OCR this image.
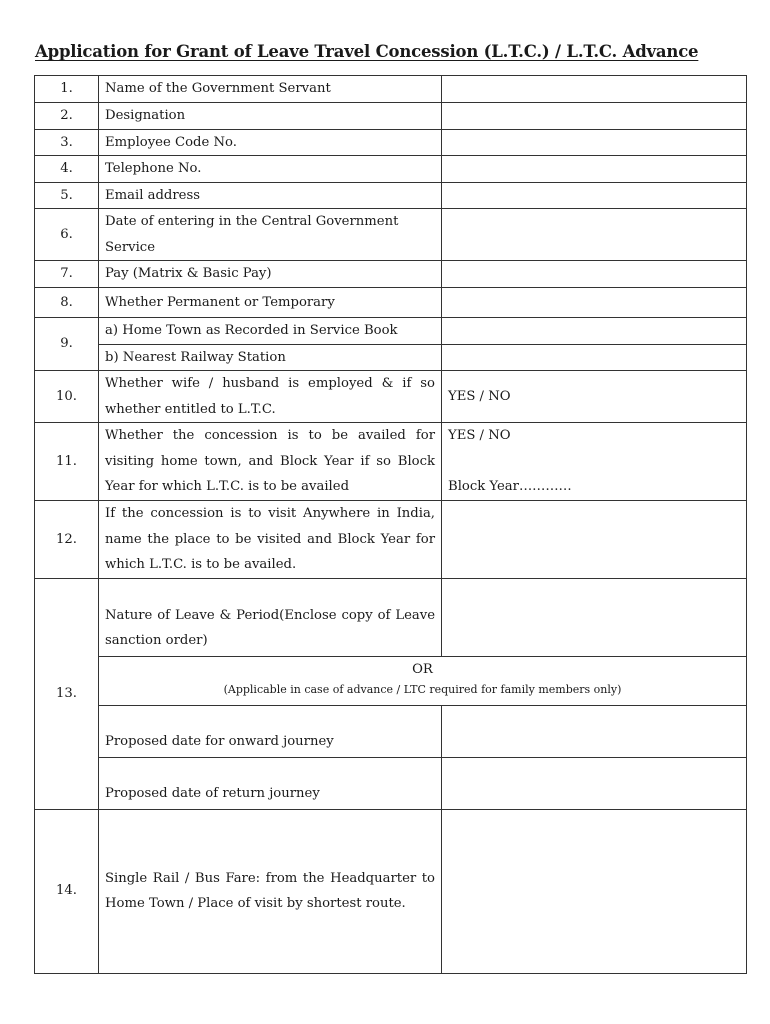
Application for Grant of Leave Travel Concession (L.T.C.) / L.T.C. Advance
1.	Name of the Government Servant	
2.	Designation	
3.	Employee Code No.	
4.	Telephone No.	
5.	Email address	
6.	Date of entering in the Central Government Service	
7.	Pay (Matrix & Basic Pay)	
8.	Whether Permanent or Temporary	
9.	a) Home Town as Recorded in Service Book	
	b) Nearest Railway Station	
10.	Whether wife / husband is employed & if so whether entitled to L.T.C.	YES / NO
11.	Whether the concession is to be availed for visiting home town, and Block Year if so Block Year for which L.T.C. is to be availed	YES / NO
Block Year…………

12.	If the concession is to visit Anywhere in India, name the place to be visited and Block Year for which L.T.C. is to be availed.	
13.	Nature of Leave & Period(Enclose copy of Leave sanction order)	

	OR
(Applicable in case of advance / LTC required for family members only)	

	Proposed date for onward journey	
	Proposed date of return journey	
14.	Single Rail / Bus Fare: from the Headquarter to Home Town / Place of visit by shortest route.	
